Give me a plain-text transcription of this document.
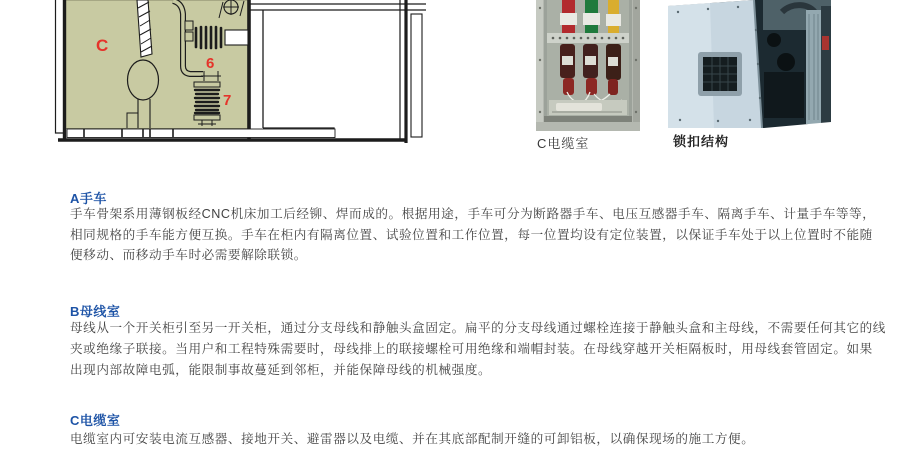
C
6
7
C电缆室	锁扣结构
A手车
手车骨架系用薄钢板经CNC机床加工后经铆、焊而成的。根据用途，手车可分为断路器手车、电压互感器手车、隔离手车、计量手车等等，
相同规格的手车能方便互换。手车在柜内有隔离位置、试验位置和工作位置，每一位置均设有定位装置，以保证手车处于以上位置时不能随
便移动、而移动手车时必需要解除联锁。
B母线室
母线从一个开关柜引至另一开关柜，通过分支母线和静触头盒固定。扁平的分支母线通过螺栓连接于静触头盒和主母线，不需要任何其它的线
夹或绝缘子联接。当用户和工程特殊需要时，母线排上的联接螺栓可用绝缘和端帽封装。在母线穿越开关柜隔板时，用母线套管固定。如果
出现内部故障电弧，能限制事故蔓延到邻柜，并能保障母线的机械强度。
C电缆室
电缆室内可安装电流互感器、接地开关、避雷器以及电缆、并在其底部配制开缝的可卸铝板，以确保现场的施工方便。
